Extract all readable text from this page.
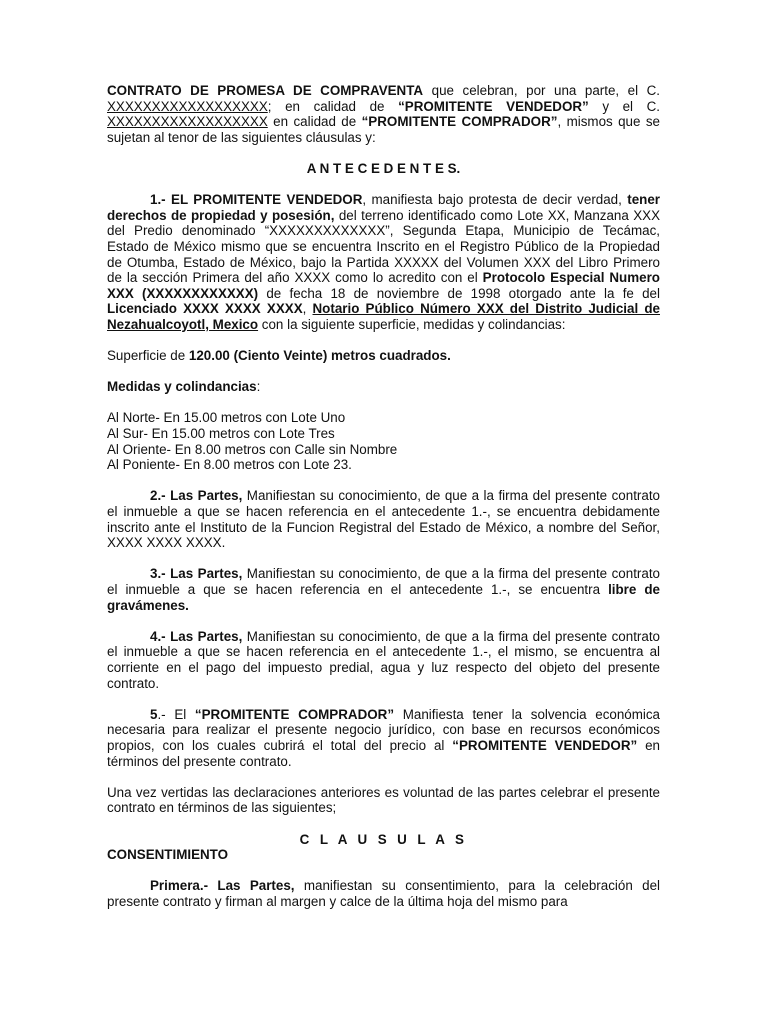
CONTRATO DE PROMESA DE COMPRAVENTA que celebran, por una parte, el C. XXXXXXXXXXXXXXXXXX; en calidad de “PROMITENTE VENDEDOR” y el C. XXXXXXXXXXXXXXXXXX en calidad de “PROMITENTE COMPRADOR”, mismos que se sujetan al tenor de las siguientes cláusulas y:

A N T E C E D E N T E S.

1.- EL PROMITENTE VENDEDOR, manifiesta bajo protesta de decir verdad, tener derechos de propiedad y posesión, del terreno identificado como Lote XX, Manzana XXX del Predio denominado “XXXXXXXXXXXXX”, Segunda Etapa, Municipio de Tecámac, Estado de México mismo que se encuentra Inscrito en el Registro Público de la Propiedad de Otumba, Estado de México, bajo la Partida XXXXX del Volumen XXX del Libro Primero de la sección Primera del año XXXX como lo acredito con el Protocolo Especial Numero XXX (XXXXXXXXXXXX) de fecha 18 de noviembre de 1998 otorgado ante la fe del Licenciado XXXX XXXX XXXX, Notario Público Número XXX del Distrito Judicial de Nezahualcoyotl, Mexico con la siguiente superficie, medidas y colindancias:

Superficie de 120.00 (Ciento Veinte) metros cuadrados.

Medidas y colindancias:

Al Norte- En 15.00 metros con Lote Uno
Al Sur- En 15.00 metros con Lote Tres
Al Oriente- En 8.00 metros con Calle sin Nombre
Al Poniente- En 8.00 metros con Lote 23.

2.- Las Partes, Manifiestan su conocimiento, de que a la firma del presente contrato el inmueble a que se hacen referencia en el antecedente 1.-, se encuentra debidamente inscrito ante el Instituto de la Funcion Registral del Estado de México, a nombre del Señor, XXXX XXXX XXXX.

3.- Las Partes, Manifiestan su conocimiento, de que a la firma del presente contrato el inmueble a que se hacen referencia en el antecedente 1.-, se encuentra libre de gravámenes.

4.- Las Partes, Manifiestan su conocimiento, de que a la firma del presente contrato el inmueble a que se hacen referencia en el antecedente 1.-, el mismo, se encuentra al corriente en el pago del impuesto predial, agua y luz respecto del objeto del presente contrato.

5.- El “PROMITENTE COMPRADOR” Manifiesta tener la solvencia económica necesaria para realizar el presente negocio jurídico, con base en recursos económicos propios, con los cuales cubrirá el total del precio al “PROMITENTE VENDEDOR” en términos del presente contrato.

Una vez vertidas las declaraciones anteriores es voluntad de las partes celebrar el presente contrato en términos de las siguientes;

C L A U S U L A S

CONSENTIMIENTO

Primera.- Las Partes, manifiestan su consentimiento, para la celebración del presente contrato y firman al margen y calce de la última hoja del mismo para
